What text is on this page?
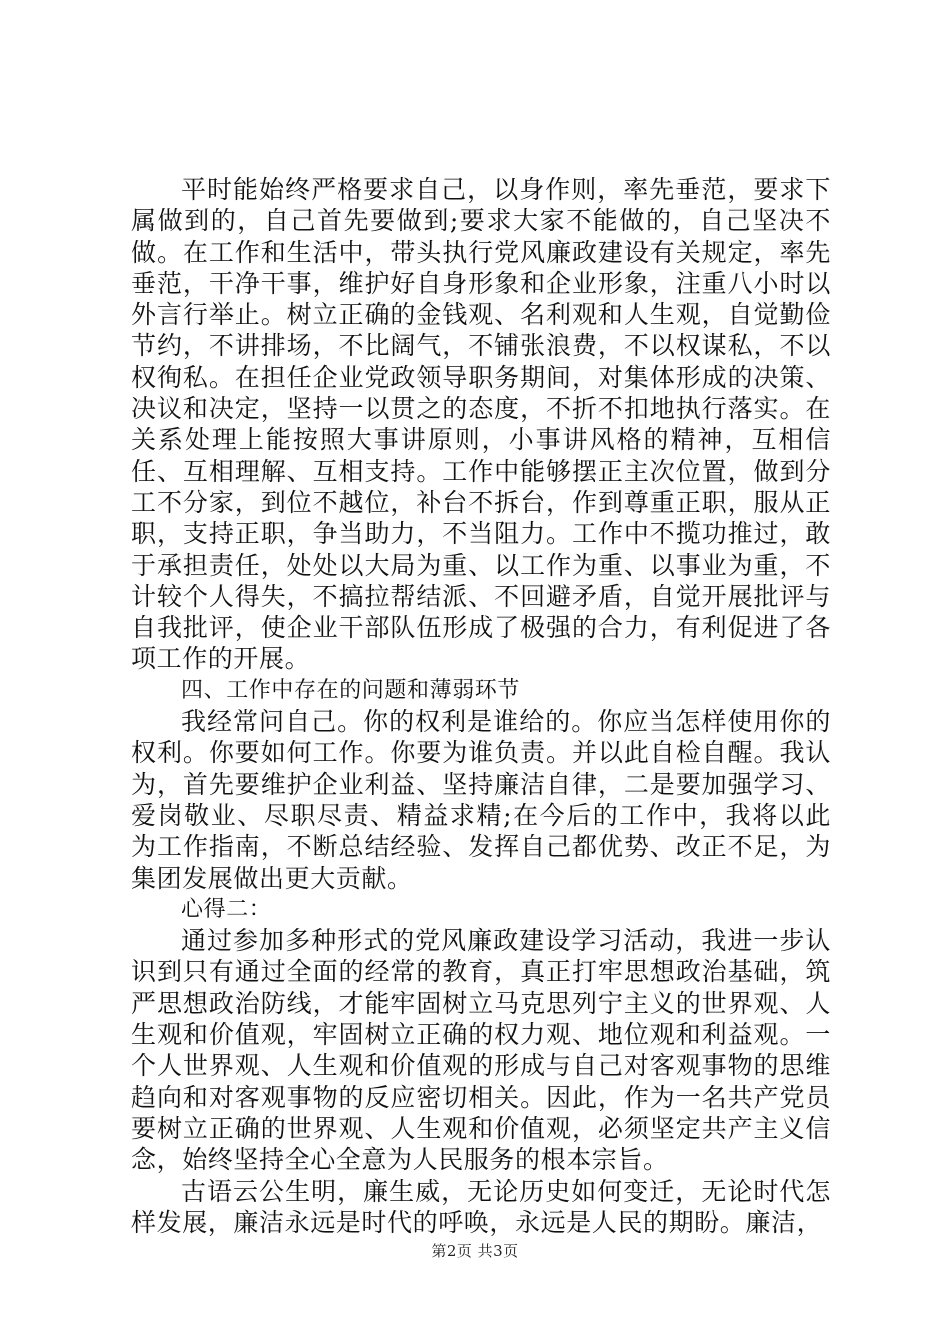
平时能始终严格要求自己，以身作则，率先垂范，要求下属做到的，自己首先要做到;要求大家不能做的，自己坚决不做。在工作和生活中，带头执行党风廉政建设有关规定，率先垂范，干净干事，维护好自身形象和企业形象，注重八小时以外言行举止。树立正确的金钱观、名利观和人生观，自觉勤俭节约，不讲排场，不比阔气，不铺张浪费，不以权谋私，不以权徇私。在担任企业党政领导职务期间，对集体形成的决策、决议和决定，坚持一以贯之的态度，不折不扣地执行落实。在关系处理上能按照大事讲原则，小事讲风格的精神，互相信任、互相理解、互相支持。工作中能够摆正主次位置，做到分工不分家，到位不越位，补台不拆台，作到尊重正职，服从正职，支持正职，争当助力，不当阻力。工作中不揽功推过，敢于承担责任，处处以大局为重、以工作为重、以事业为重，不计较个人得失，不搞拉帮结派、不回避矛盾，自觉开展批评与自我批评，使企业干部队伍形成了极强的合力，有利促进了各项工作的开展。

四、工作中存在的问题和薄弱环节

我经常问自己。你的权利是谁给的。你应当怎样使用你的权利。你要如何工作。你要为谁负责。并以此自检自醒。我认为，首先要维护企业利益、坚持廉洁自律，二是要加强学习、爱岗敬业、尽职尽责、精益求精;在今后的工作中，我将以此为工作指南，不断总结经验、发挥自己都优势、改正不足，为集团发展做出更大贡献。

心得二：

通过参加多种形式的党风廉政建设学习活动，我进一步认识到只有通过全面的经常的教育，真正打牢思想政治基础，筑严思想政治防线，才能牢固树立马克思列宁主义的世界观、人生观和价值观，牢固树立正确的权力观、地位观和利益观。一个人世界观、人生观和价值观的形成与自己对客观事物的思维趋向和对客观事物的反应密切相关。因此，作为一名共产党员要树立正确的世界观、人生观和价值观，必须坚定共产主义信念，始终坚持全心全意为人民服务的根本宗旨。

古语云公生明，廉生威，无论历史如何变迁，无论时代怎样发展，廉洁永远是时代的呼唤，永远是人民的期盼。廉洁，

第2页 共3页
